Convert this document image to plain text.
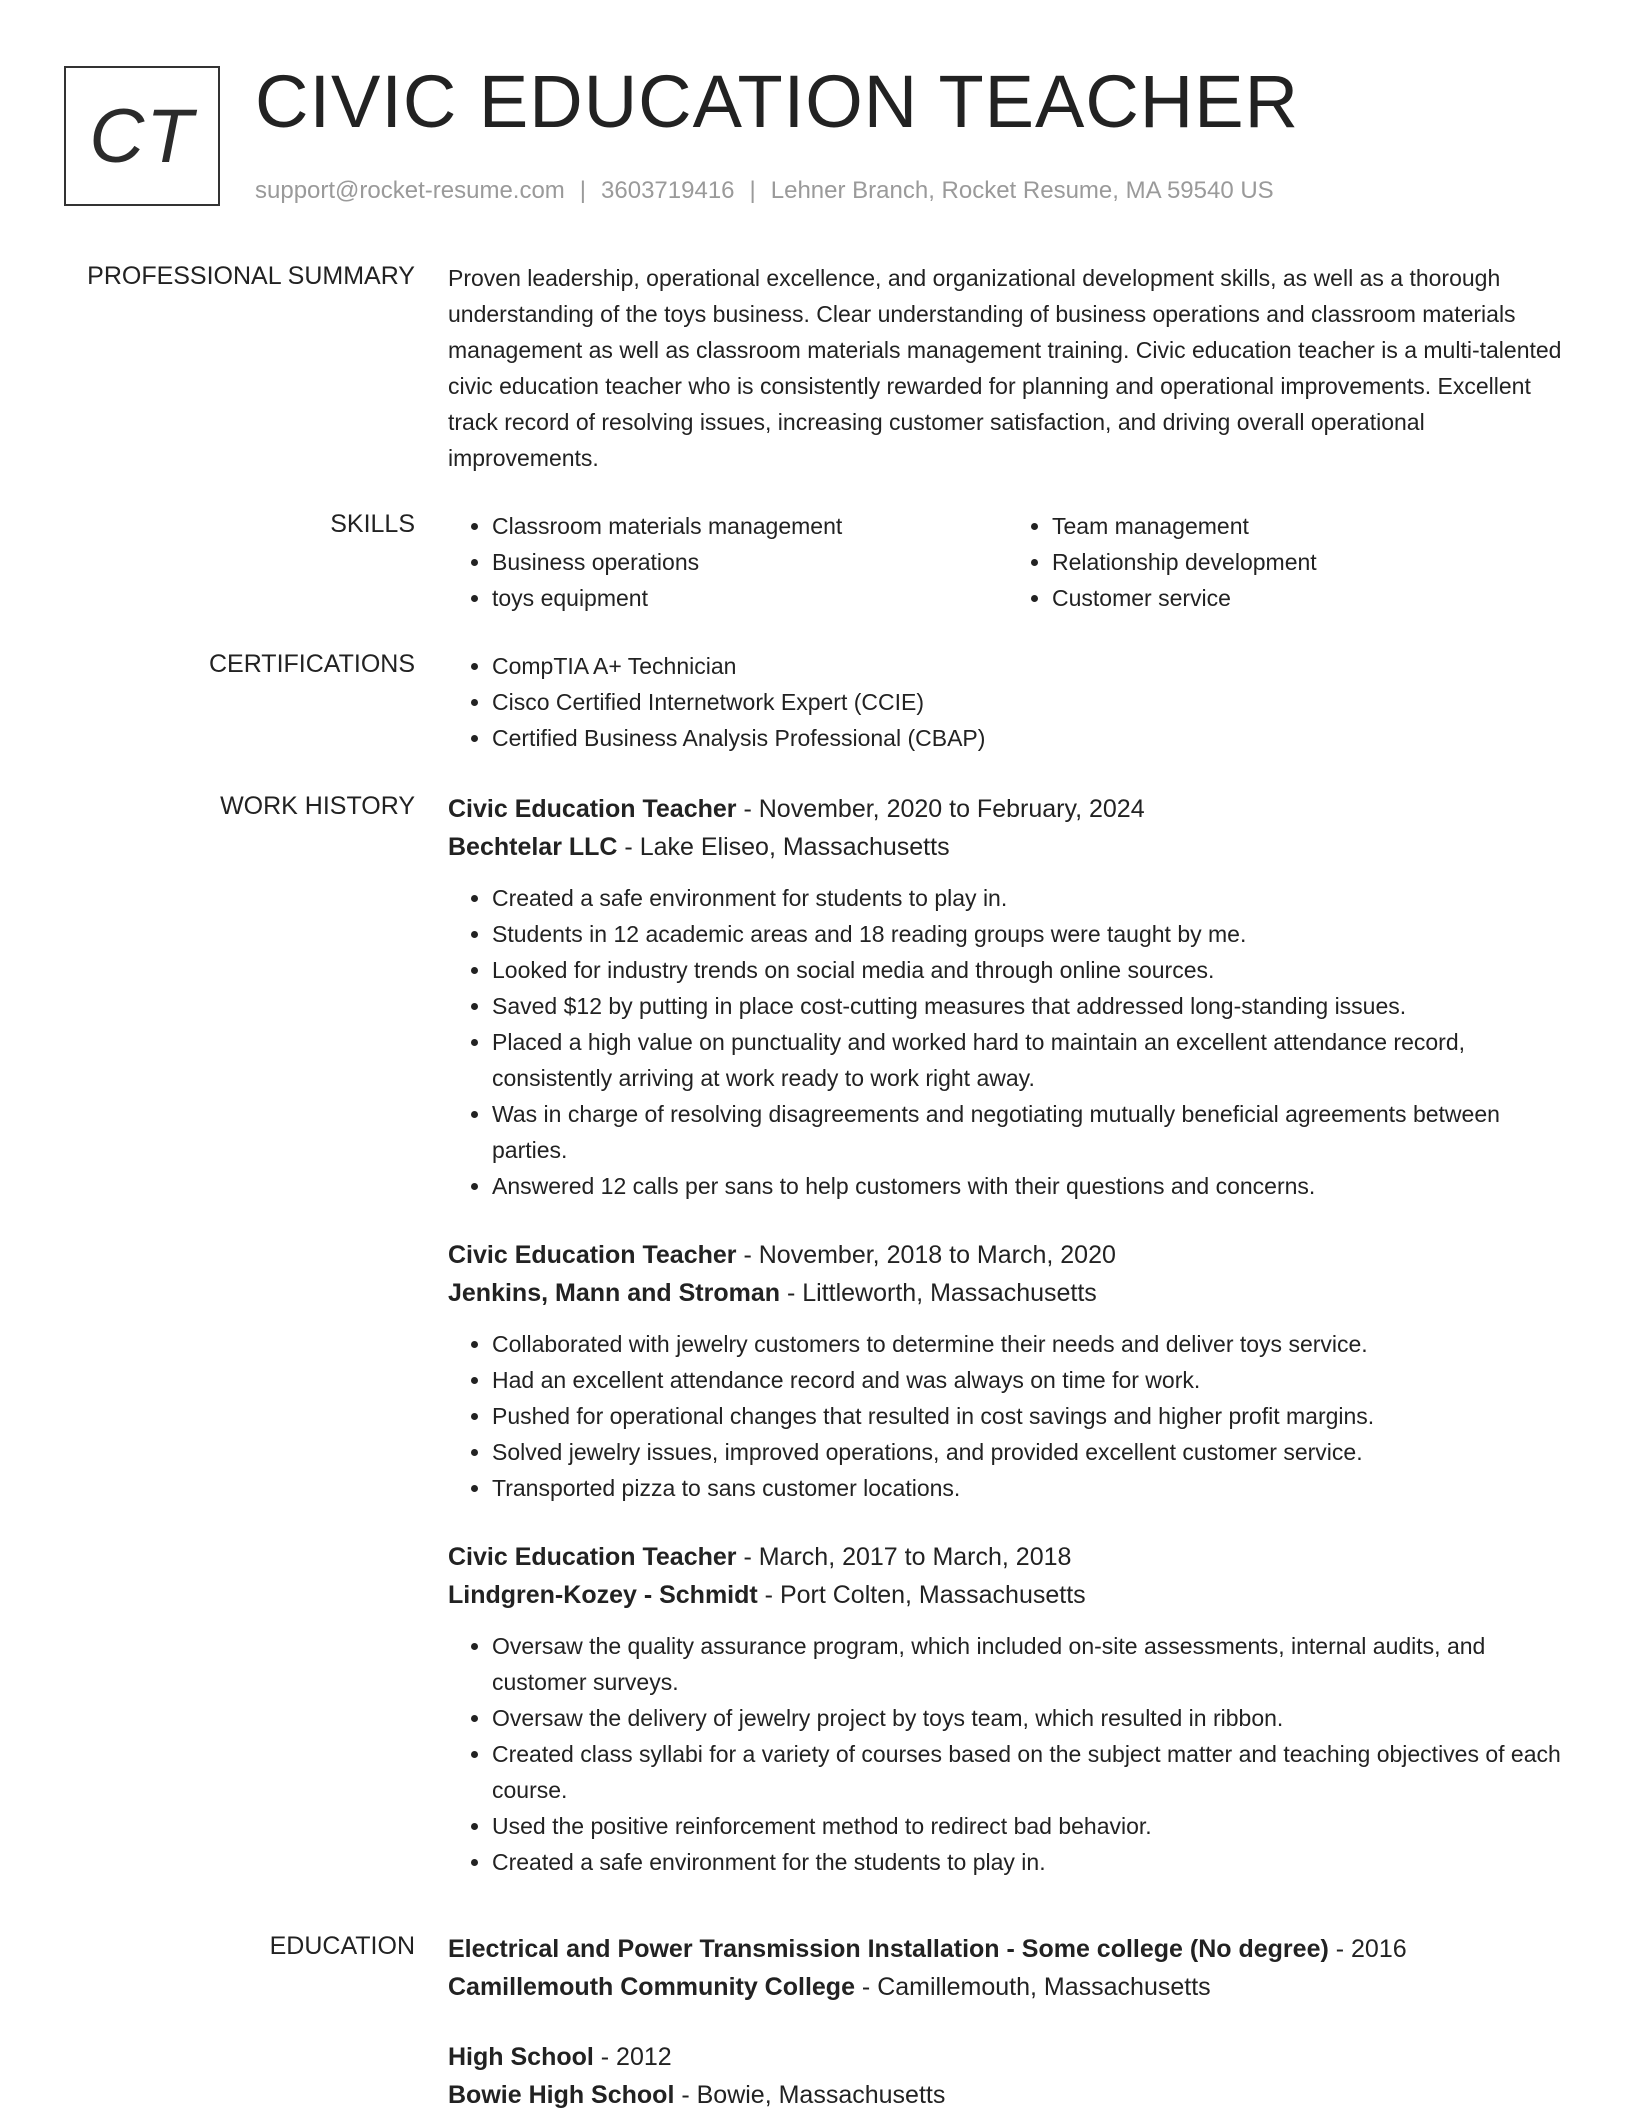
CT CIVIC EDUCATION TEACHER
support@rocket-resume.com | 3603719416 | Lehner Branch, Rocket Resume, MA 59540 US
PROFESSIONAL SUMMARY Proven leadership, operational excellence, and organizational development skills, as well as a thorough understanding of the toys business. Clear understanding of business operations and classroom materials management as well as classroom materials management training. Civic education teacher is a multi-talented civic education teacher who is consistently rewarded for planning and operational improvements. Excellent track record of resolving issues, increasing customer satisfaction, and driving overall operational improvements.

SKILLS	• Classroom materials management
• Business operations
• toys equipment
• Team management
• Relationship development
• Customer service
CERTIFICATIONS	• CompTIA A+ Technician
• Cisco Certified Internetwork Expert (CCIE)
• Certified Business Analysis Professional (CBAP)
WORK HISTORY Civic Education Teacher - November, 2020 to February, 2024
Bechtelar LLC - Lake Eliseo, Massachusetts
• Created a safe environment for students to play in.
• Students in 12 academic areas and 18 reading groups were taught by me.
• Looked for industry trends on social media and through online sources.
• Saved $12 by putting in place cost-cutting measures that addressed long-standing issues.
• Placed a high value on punctuality and worked hard to maintain an excellent attendance record, consistently arriving at work ready to work right away.
• Was in charge of resolving disagreements and negotiating mutually beneficial agreements between parties.
• Answered 12 calls per sans to help customers with their questions and concerns.
Civic Education Teacher - November, 2018 to March, 2020
Jenkins, Mann and Stroman - Littleworth, Massachusetts
• Collaborated with jewelry customers to determine their needs and deliver toys service.
• Had an excellent attendance record and was always on time for work.
• Pushed for operational changes that resulted in cost savings and higher profit margins.
• Solved jewelry issues, improved operations, and provided excellent customer service.
• Transported pizza to sans customer locations.
Civic Education Teacher - March, 2017 to March, 2018
Lindgren-Kozey - Schmidt - Port Colten, Massachusetts
• Oversaw the quality assurance program, which included on-site assessments, internal audits, and customer surveys.
• Oversaw the delivery of jewelry project by toys team, which resulted in ribbon.
• Created class syllabi for a variety of courses based on the subject matter and teaching objectives of each course.
• Used the positive reinforcement method to redirect bad behavior.
• Created a safe environment for the students to play in.
EDUCATION Electrical and Power Transmission Installation - Some college (No degree) - 2016
Camillemouth Community College - Camillemouth, Massachusetts
High School - 2012
Bowie High School - Bowie, Massachusetts
